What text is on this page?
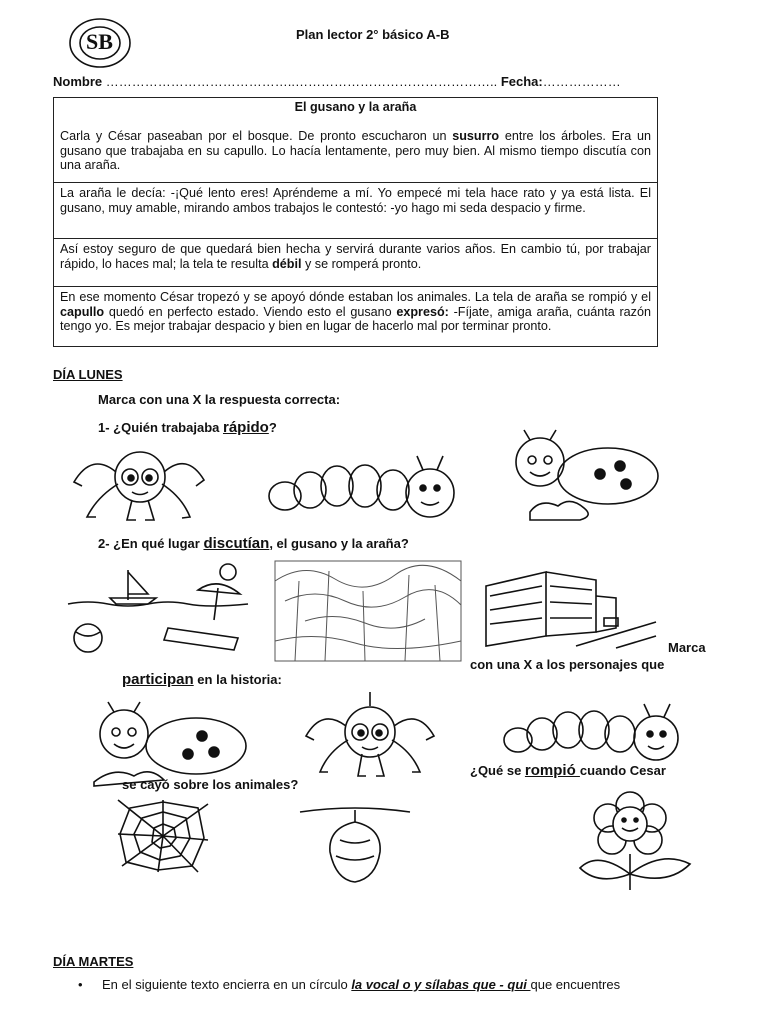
SB	Plan lector 2° básico A-B
Nombre ……………………………………..……………………………………….. Fecha:………………
El gusano y la araña
Carla y César paseaban por el bosque. De pronto escucharon un susurro entre los árboles. Era un gusano que trabajaba en su capullo. Lo hacía lentamente, pero muy bien. Al mismo tiempo discutía con una araña.
La araña le decía: -¡Qué lento eres! Apréndeme a mí. Yo empecé mi tela hace rato y ya está lista. El gusano, muy amable, mirando ambos trabajos le contestó: -yo hago mi seda despacio y firme.
Así estoy seguro de que quedará bien hecha y servirá durante varios años. En cambio tú, por trabajar rápido, lo haces mal; la tela te resulta débil y se romperá pronto.
En ese momento César tropezó y se apoyó dónde estaban los animales. La tela de araña se rompió y el capullo quedó en perfecto estado. Viendo esto el gusano expresó: -Fíjate, amiga araña, cuánta razón tengo yo. Es mejor trabajar despacio y bien en lugar de hacerlo mal por terminar pronto.
DÍA LUNES
Marca con una X la respuesta correcta:
1- ¿Quién trabajaba rápido?
2- ¿En qué lugar discutían, el gusano y la araña?
Marca
con una X a los personajes que
participan en la historia:
¿Qué se rompió cuando Cesar
se cayó sobre los animales?
DÍA MARTES
• En el siguiente texto encierra en un círculo la vocal o y sílabas que - qui que encuentres
